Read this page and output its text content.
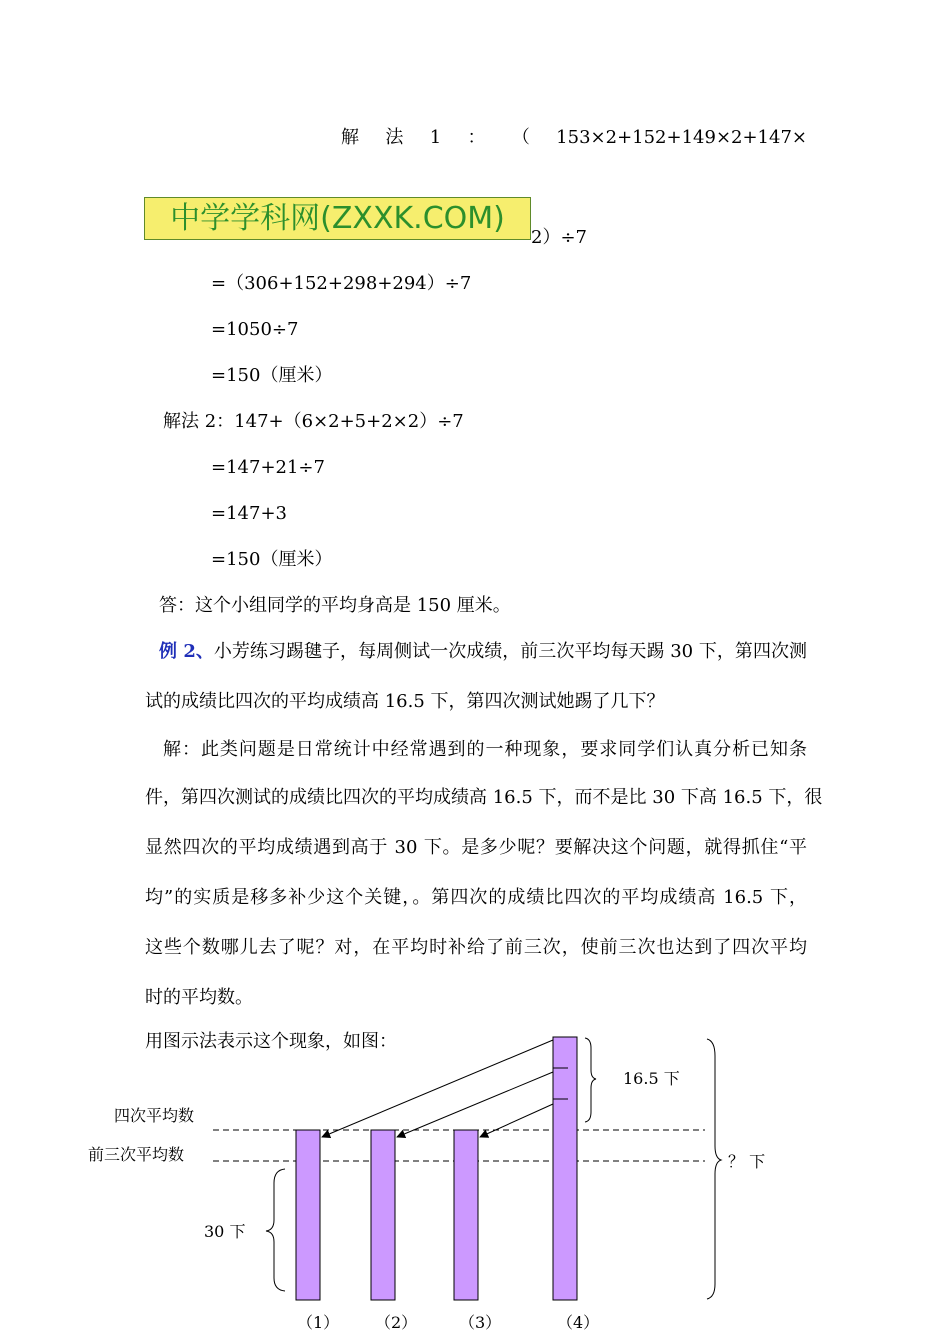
解 法 1 ： （ 153×2+152+149×2+147×
2）÷7
中学学科网(ZXXK.COM)
=（306+152+298+294）÷7
=1050÷7
=150（厘米）
解法 2：147+（6×2+5+2×2）÷7
=147+21÷7
=147+3
=150（厘米）
答：这个小组同学的平均身高是 150 厘米。
例 2、小芳练习踢毽子，每周侧试一次成绩，前三次平均每天踢 30 下，第四次测
试的成绩比四次的平均成绩高 16.5 下，第四次测试她踢了几下？
解：此类问题是日常统计中经常遇到的一种现象，要求同学们认真分析已知条
件，第四次测试的成绩比四次的平均成绩高 16.5 下，而不是比 30 下高 16.5 下，很
显然四次的平均成绩遇到高于 30 下。是多少呢？要解决这个问题，就得抓住“平
均”的实质是移多补少这个关键，。第四次的成绩比四次的平均成绩高 16.5 下，
这些个数哪儿去了呢？对，在平均时补给了前三次，使前三次也达到了四次平均
时的平均数。
用图示法表示这个现象，如图：
四次平均数
前三次平均数
30 下
16.5 下
？ 下
（1） （2）	（3）	（4）
